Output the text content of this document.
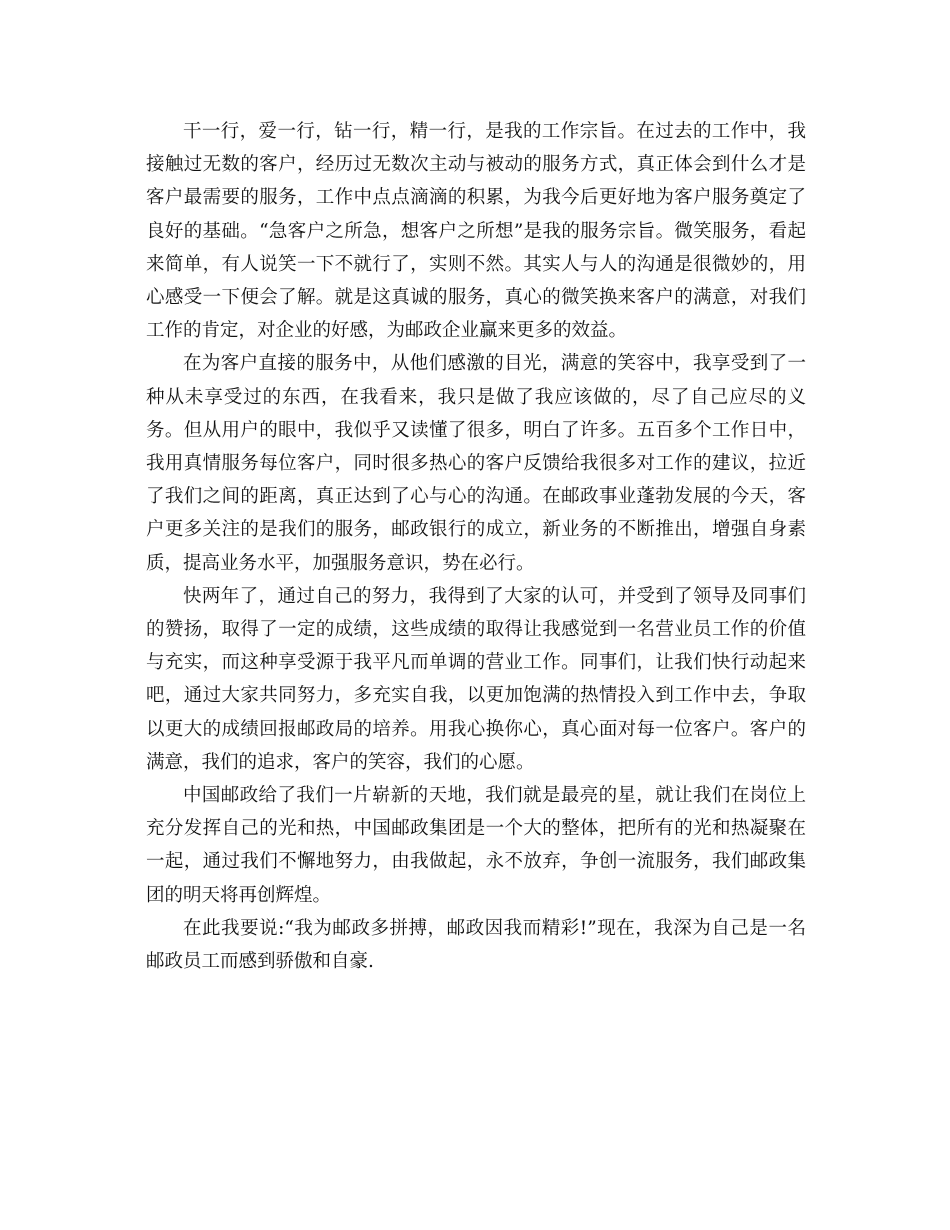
干一行，爱一行，钻一行，精一行，是我的工作宗旨。在过去的工作中，我接触过无数的客户，经历过无数次主动与被动的服务方式，真正体会到什么才是客户最需要的服务，工作中点点滴滴的积累，为我今后更好地为客户服务奠定了良好的基础。“急客户之所急，想客户之所想”是我的服务宗旨。微笑服务，看起来简单，有人说笑一下不就行了，实则不然。其实人与人的沟通是很微妙的，用心感受一下便会了解。就是这真诚的服务，真心的微笑换来客户的满意，对我们工作的肯定，对企业的好感，为邮政企业赢来更多的效益。

在为客户直接的服务中，从他们感激的目光，满意的笑容中，我享受到了一种从未享受过的东西，在我看来，我只是做了我应该做的，尽了自己应尽的义务。但从用户的眼中，我似乎又读懂了很多，明白了许多。五百多个工作日中，我用真情服务每位客户，同时很多热心的客户反馈给我很多对工作的建议，拉近了我们之间的距离，真正达到了心与心的沟通。在邮政事业蓬勃发展的今天，客户更多关注的是我们的服务，邮政银行的成立，新业务的不断推出，增强自身素质，提高业务水平，加强服务意识，势在必行。

快两年了，通过自己的努力，我得到了大家的认可，并受到了领导及同事们的赞扬，取得了一定的成绩，这些成绩的取得让我感觉到一名营业员工作的价值与充实，而这种享受源于我平凡而单调的营业工作。同事们，让我们快行动起来吧，通过大家共同努力，多充实自我，以更加饱满的热情投入到工作中去，争取以更大的成绩回报邮政局的培养。用我心换你心，真心面对每一位客户。客户的满意，我们的追求，客户的笑容，我们的心愿。

中国邮政给了我们一片崭新的天地，我们就是最亮的星，就让我们在岗位上充分发挥自己的光和热，中国邮政集团是一个大的整体，把所有的光和热凝聚在一起，通过我们不懈地努力，由我做起，永不放弃，争创一流服务，我们邮政集团的明天将再创辉煌。

在此我要说:“我为邮政多拼搏，邮政因我而精彩!”现在，我深为自己是一名邮政员工而感到骄傲和自豪.
